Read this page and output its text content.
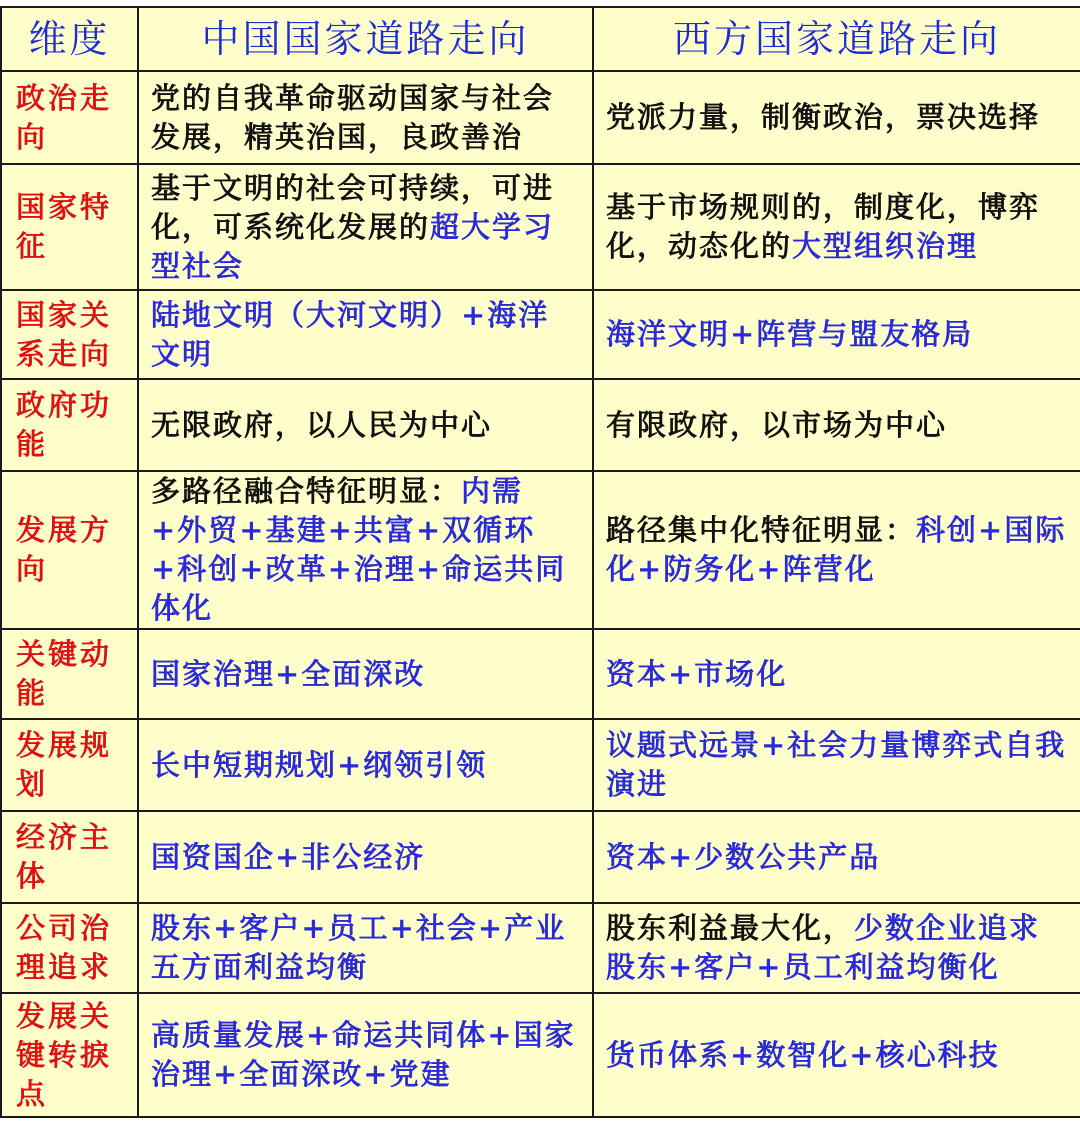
维度	中国国家道路走向	西方国家道路走向
政治走向	党的自我革命驱动国家与社会发展，精英治国，良政善治	党派力量，制衡政治，票决选择
国家特征	基于文明的社会可持续，可进化，可系统化发展的超大学习型社会	基于市场规则的，制度化，博弈化，动态化的大型组织治理
国家关系走向	陆地文明（大河文明）+海洋文明	海洋文明+阵营与盟友格局
政府功能	无限政府，以人民为中心	有限政府，以市场为中心
发展方向	多路径融合特征明显：内需+外贸+基建+共富+双循环+科创+改革+治理+命运共同体化	路径集中化特征明显：科创+国际化+防务化+阵营化
关键动能	国家治理+全面深改	资本+市场化
发展规划	长中短期规划+纲领引领	议题式远景+社会力量博弈式自我演进
经济主体	国资国企+非公经济	资本+少数公共产品
公司治理追求	股东+客户+员工+社会+产业五方面利益均衡	股东利益最大化，少数企业追求股东+客户+员工利益均衡化
发展关键转捩点	高质量发展+命运共同体+国家治理+全面深改+党建	货币体系+数智化+核心科技
